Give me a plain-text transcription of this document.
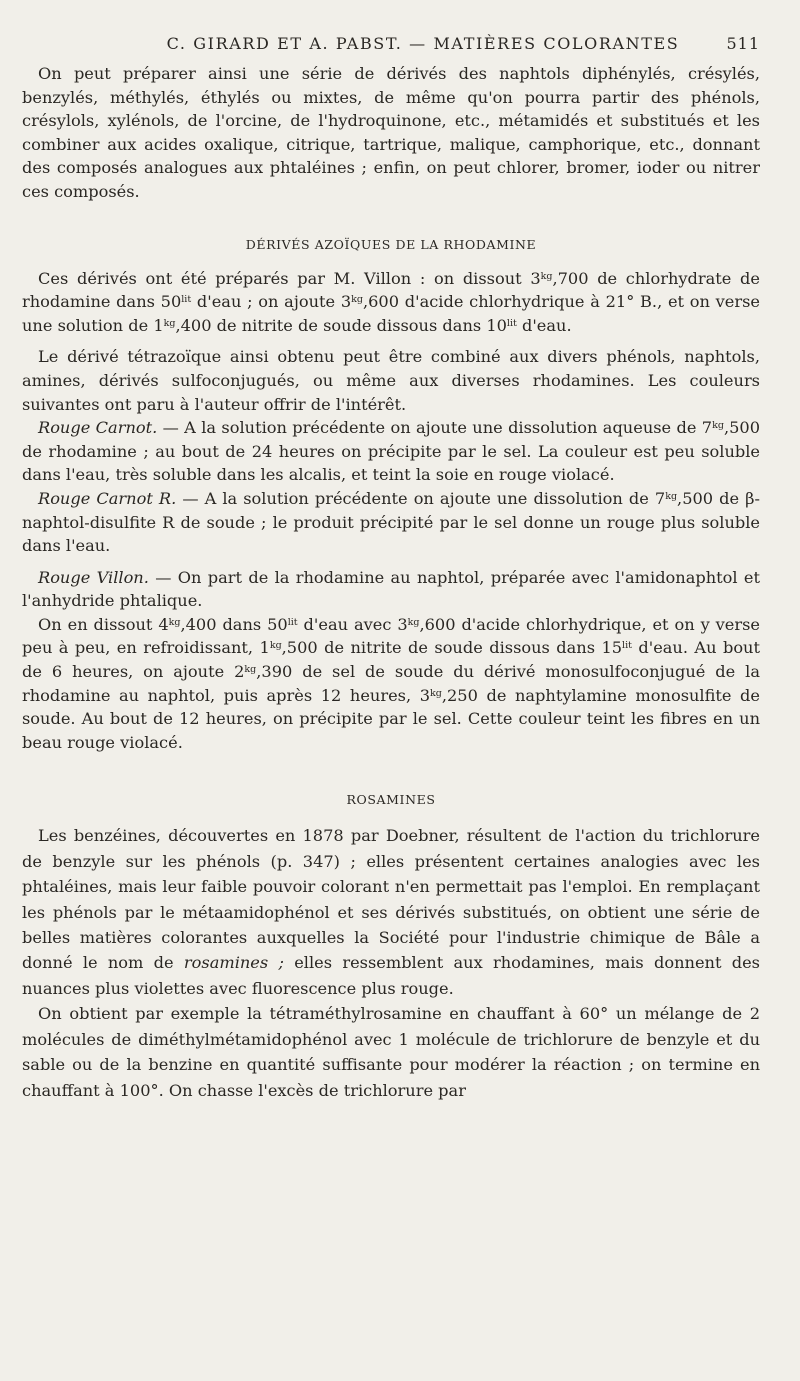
C. GIRARD ET A. PABST. — MATIÈRES COLORANTES	511

On peut préparer ainsi une série de dérivés des naphtols diphénylés, crésylés, benzylés, méthylés, éthylés ou mixtes, de même qu'on pourra partir des phénols, crésylols, xylénols, de l'orcine, de l'hydroquinone, etc., métamidés et substitués et les combiner aux acides oxalique, citrique, tartrique, malique, camphorique, etc., donnant des composés analogues aux phtaléines ; enfin, on peut chlorer, bromer, ioder ou nitrer ces composés.

DÉRIVÉS AZOÏQUES DE LA RHODAMINE

Ces dérivés ont été préparés par M. Villon : on dissout $3^{kg},700$ de chlorhydrate de rhodamine dans $50^{lit}$ d'eau ; on ajoute $3^{kg},600$ d'acide chlorhydrique à 21° B., et on verse une solution de $1^{kg},400$ de nitrite de soude dissous dans $10^{lit}$ d'eau.

Le dérivé tétrazoïque ainsi obtenu peut être combiné aux divers phénols, naphtols, amines, dérivés sulfoconjugués, ou même aux diverses rhodamines. Les couleurs suivantes ont paru à l'auteur offrir de l'intérêt.

Rouge Carnot. — A la solution précédente on ajoute une dissolution aqueuse de $7^{kg},500$ de rhodamine ; au bout de 24 heures on précipite par le sel. La couleur est peu soluble dans l'eau, très soluble dans les alcalis, et teint la soie en rouge violacé.

Rouge Carnot R. — A la solution précédente on ajoute une dissolution de $7^{kg},500$ de β-naphtol-disulfite R de soude ; le produit précipité par le sel donne un rouge plus soluble dans l'eau.

Rouge Villon. — On part de la rhodamine au naphtol, préparée avec l'amidonaphtol et l'anhydride phtalique.

On en dissout $4^{kg},400$ dans $50^{lit}$ d'eau avec $3^{kg},600$ d'acide chlorhydrique, et on y verse peu à peu, en refroidissant, $1^{kg},500$ de nitrite de soude dissous dans $15^{lit}$ d'eau. Au bout de 6 heures, on ajoute $2^{kg},390$ de sel de soude du dérivé monosulfoconjugué de la rhodamine au naphtol, puis après 12 heures, $3^{kg},250$ de naphtylamine monosulfite de soude. Au bout de 12 heures, on précipite par le sel. Cette couleur teint les fibres en un beau rouge violacé.

ROSAMINES

Les benzéines, découvertes en 1878 par Doebner, résultent de l'action du trichlorure de benzyle sur les phénols (p. 347) ; elles présentent certaines analogies avec les phtaléines, mais leur faible pouvoir colorant n'en permettait pas l'emploi. En remplaçant les phénols par le métaamidophénol et ses dérivés substitués, on obtient une série de belles matières colorantes auxquelles la Société pour l'industrie chimique de Bâle a donné le nom de rosamines ; elles ressemblent aux rhodamines, mais donnent des nuances plus violettes avec fluorescence plus rouge.

On obtient par exemple la tétraméthylrosamine en chauffant à 60° un mélange de 2 molécules de diméthylmétamidophénol avec 1 molécule de trichlorure de benzyle et du sable ou de la benzine en quantité suffisante pour modérer la réaction ; on termine en chauffant à 100°. On chasse l'excès de trichlorure par
